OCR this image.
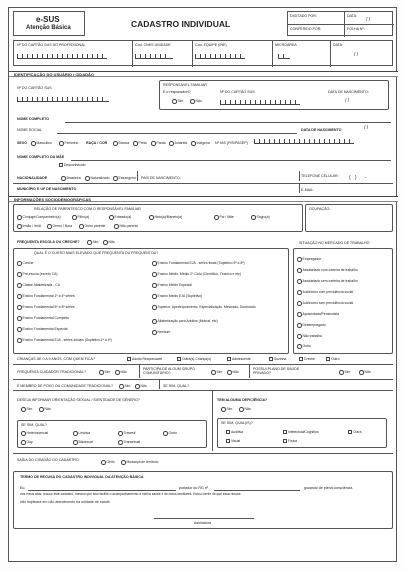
e-SUS
Atenção Básica	CADASTRO INDIVIDUAL
DIGITADO POR:	DATA:
/ /
CONFERIDO POR:	FOLHA Nº:
Nº DO CARTÃO SUS DO PROFISSIONAL	Cód. CNES UNIDADE	Cód. EQUIPE (INE)	MICROÁREA	DATA:
/ /
IDENTIFICAÇÃO DO USUÁRIO / CIDADÃO
Nº DO CARTÃO SUS
RESPONSÁVEL FAMILIAR
É o responsável?
Sim	Não
Nº DO CARTÃO SUS	DATA DE NASCIMENTO:
/ /
NOME COMPLETO
NOME SOCIAL	DATA DE NASCIMENTO	/ /
SEXO	Masculino	Feminino RAÇA / COR	Branca	Preta	Parda	Amarela	Indígena Nº NIS (PIS/PASEP)
NOME COMPLETO DA MÃE
Desconhecido
NACIONALIDADE	Brasileira	Naturalizado	Estrangeiro PAÍS DE NASCIMENTO:	TELEFONE CELULAR: (   )      -
MUNICÍPIO E UF DE NASCIMENTO	E-MAIL:
INFORMAÇÕES SOCIODEMOGRÁFICAS
RELAÇÃO DE PARENTESCO COM O RESPONSÁVEL FAMILIAR
Cônjuge/Companheiro(a)	Filho(a)	Enteado(a)	Neto(a)/Bisneto(a)	Pai / Mãe	Sogro(a)
Irmão / Irmã	Genro / Nora	Outro parente	Não parente
OCUPAÇÃO:
FREQUENTA ESCOLA OU CRECHE?	Sim	Não
QUAL É O CURSO MAIS ELEVADO QUE FREQUENTA OU FREQUENTOU?
Creche
Pré-escola (exceto CA)
Classe Alfabetizada - CA
Ensino Fundamental 1ª a 4ª séries
Ensino Fundamental 5ª a 8ª séries
Ensino Fundamental Completo
Ensino Fundamental Especial
Ensino Fundamental EJA - séries iniciais (Supletivo 1ª a 4ª)
Ensino Fundamental EJA - séries finais (Supletivo 5ª a 8ª)
Ensino Médio, Médio 2º Ciclo (Científico, Técnico e etc)
Ensino Médio Especial
Ensino Médio EJA (Supletivo)
Superior, Aperfeiçoamento, Especialização, Mestrado, Doutorado
Alfabetização para Adultos (Mobral, etc)
Nenhum
SITUAÇÃO NO MERCADO DE TRABALHO
Empregador
Assalariado com carteira de trabalho
Assalariado sem carteira de trabalho
Autônomo com previdência social
Autônomo sem previdência social
Aposentado/Pensionista
Desempregado
Não trabalha
Outro
CRIANÇAS DE 0 A 9 ANOS, COM QUEM FICA?	Adulto Responsável	Outra(s) Criança(s)	Adolescente	Sozinha	Creche	Outro
FREQUENTA CUIDADOR TRADICIONAL?	Sim	Não
PARTICIPA DE ALGUM GRUPO COMUNITÁRIO?	Sim	Não
POSSUI PLANO DE SAÚDE PRIVADO?	Sim	Não
É MEMBRO DE POVO OU COMUNIDADE TRADICIONAL?	Sim	Não	SE SIM, QUAL?
DESEJA INFORMAR ORIENTAÇÃO SEXUAL / IDENTIDADE DE GÊNERO?
Sim	Não
SE SIM, QUAL?
Heterossexual	Lésbica	Travesti	Outro
Gay	Bissexual	Transexual
TEM ALGUMA DEFICIÊNCIA?
Sim	Não
SE SIM, QUAL(IS)?
Auditiva	Intelectual/Cognitiva	Outra
Visual	Física
SAÍDA DO CIDADÃO DO CADASTRO:
Óbito	Mudança de território
TERMO DE RECUSA DO CADASTRO INDIVIDUAL DA ATENÇÃO BÁSICA
Eu,	portador do RG nº	gozando de plena consciência
dos meus atos, recuso este cadastro, mesmo que isso facilite o acompanhamento à minha saúde e de meus familiares. Estou ciente de que essa recusa
não implicará em não atendimento na unidade de saúde.
Assinatura
